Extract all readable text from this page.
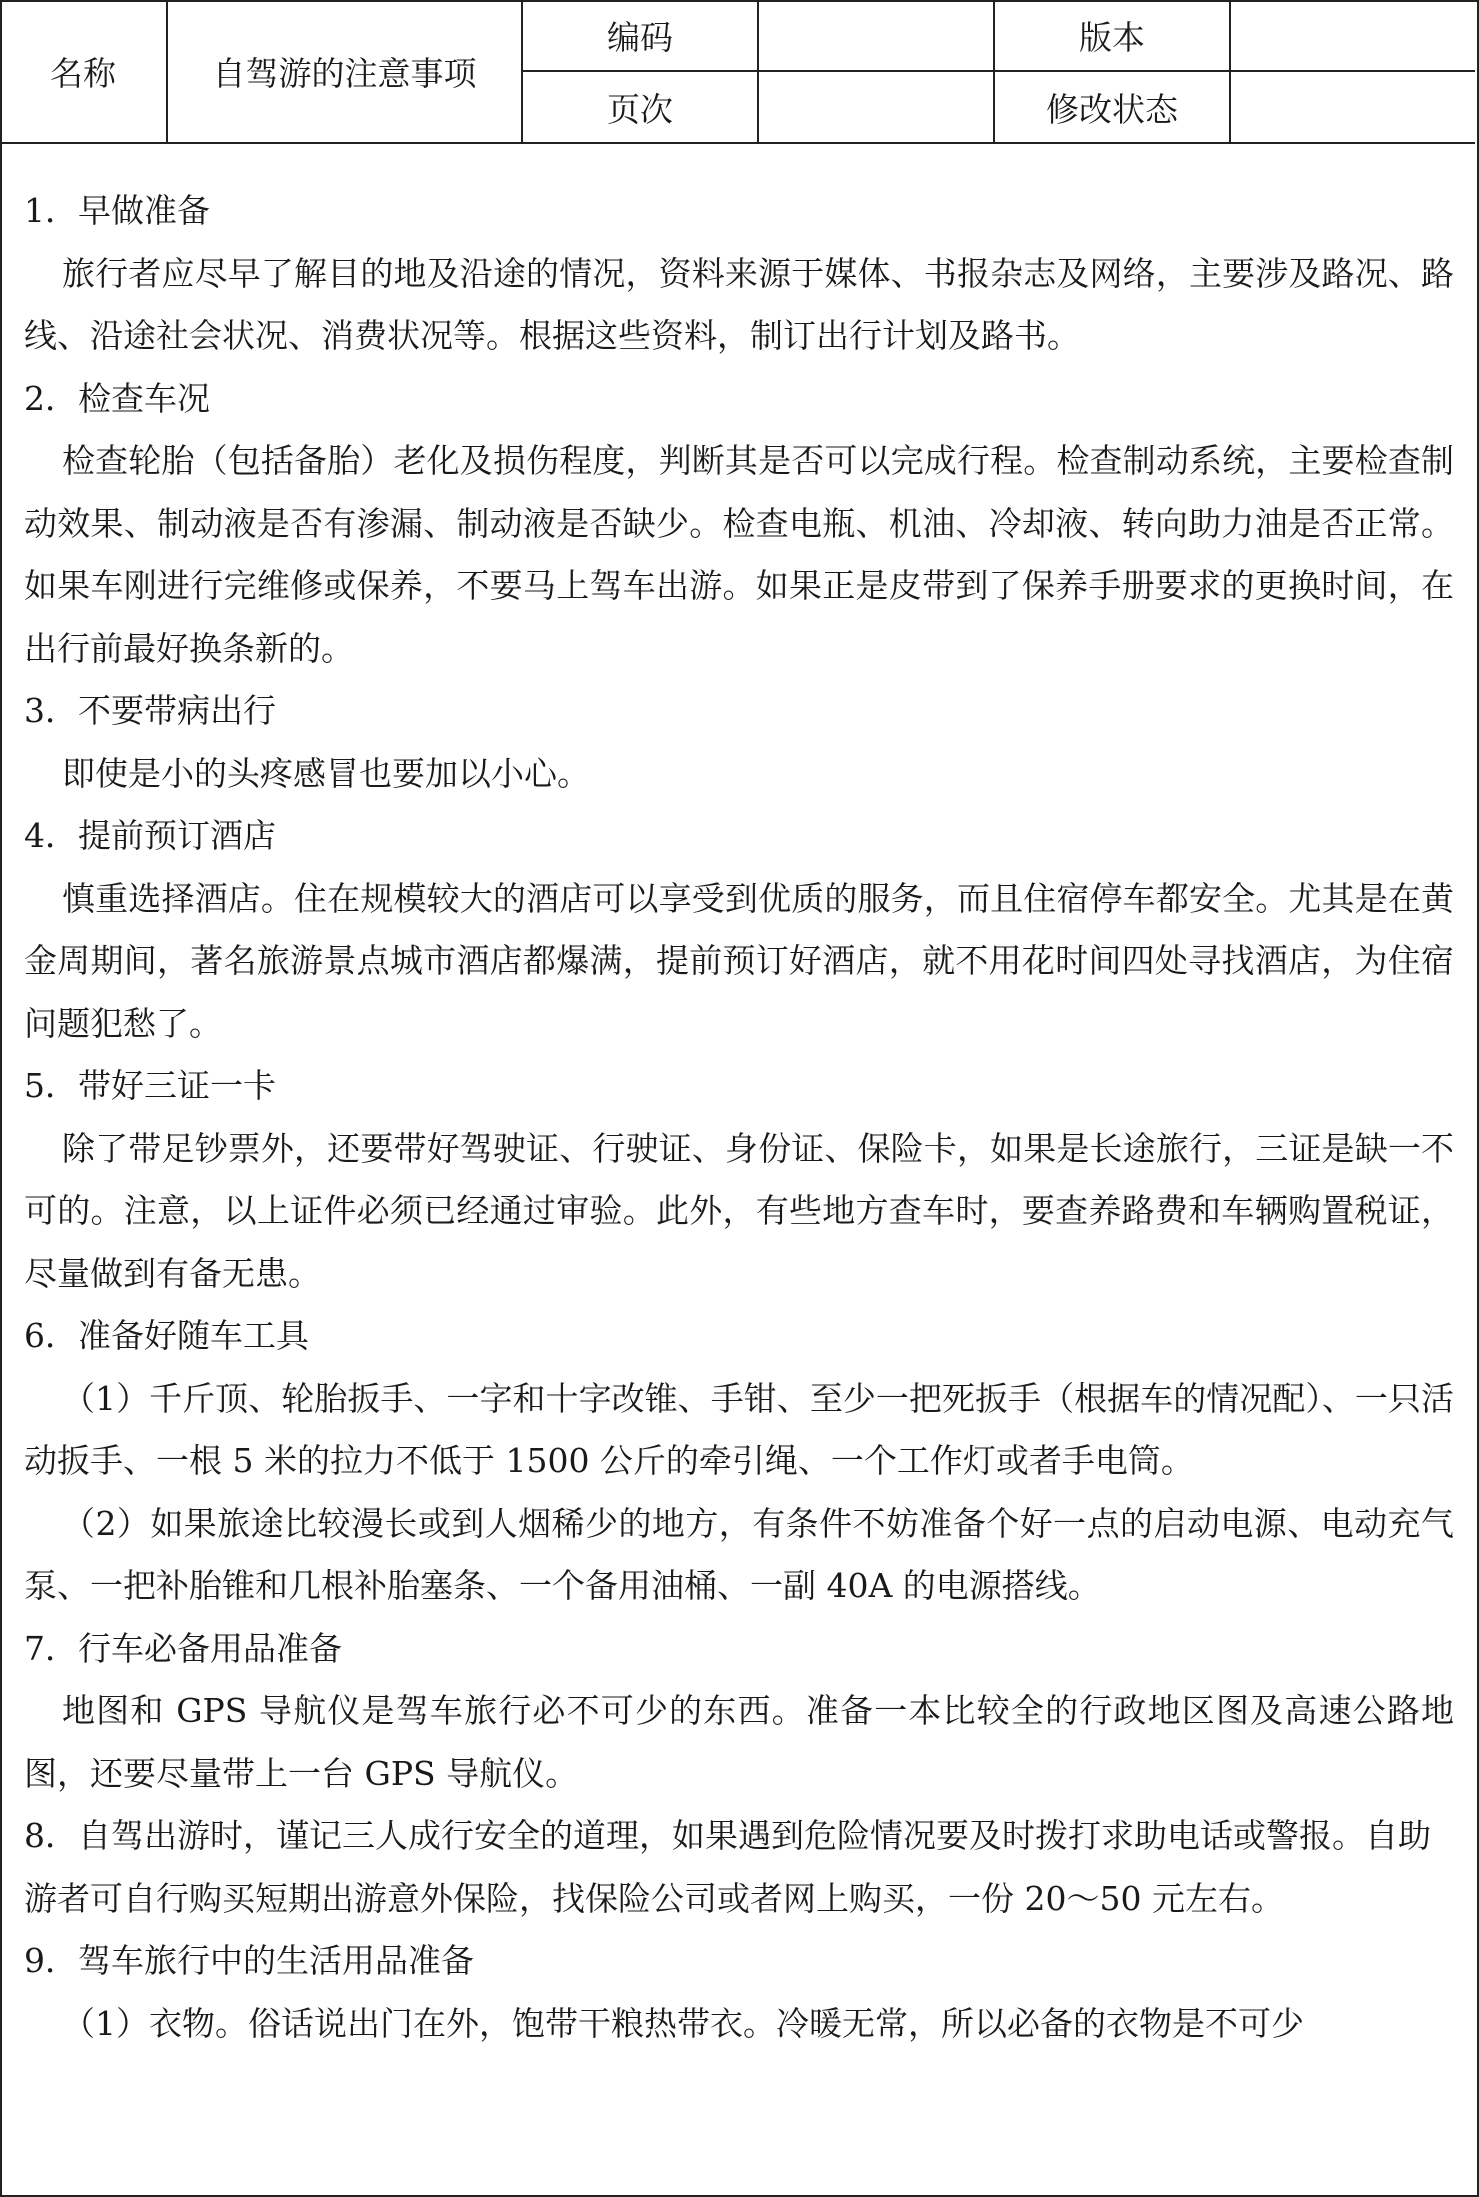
名称	自驾游的注意事项	编码		版本	
		页次		修改状态	

1．早做准备

旅行者应尽早了解目的地及沿途的情况，资料来源于媒体、书报杂志及网络，主要涉及路况、路线、沿途社会状况、消费状况等。根据这些资料，制订出行计划及路书。

2．检查车况

检查轮胎（包括备胎）老化及损伤程度，判断其是否可以完成行程。检查制动系统，主要检查制动效果、制动液是否有渗漏、制动液是否缺少。检查电瓶、机油、冷却液、转向助力油是否正常。如果车刚进行完维修或保养，不要马上驾车出游。如果正是皮带到了保养手册要求的更换时间，在出行前最好换条新的。

3．不要带病出行

即使是小的头疼感冒也要加以小心。

4．提前预订酒店

慎重选择酒店。住在规模较大的酒店可以享受到优质的服务，而且住宿停车都安全。尤其是在黄金周期间，著名旅游景点城市酒店都爆满，提前预订好酒店，就不用花时间四处寻找酒店，为住宿问题犯愁了。

5．带好三证一卡

除了带足钞票外，还要带好驾驶证、行驶证、身份证、保险卡，如果是长途旅行，三证是缺一不可的。注意，以上证件必须已经通过审验。此外，有些地方查车时，要查养路费和车辆购置税证，尽量做到有备无患。

6．准备好随车工具

（1）千斤顶、轮胎扳手、一字和十字改锥、手钳、至少一把死扳手（根据车的情况配）、一只活动扳手、一根 5 米的拉力不低于 1500 公斤的牵引绳、一个工作灯或者手电筒。

（2）如果旅途比较漫长或到人烟稀少的地方，有条件不妨准备个好一点的启动电源、电动充气泵、一把补胎锥和几根补胎塞条、一个备用油桶、一副 40A 的电源搭线。

7．行车必备用品准备

地图和 GPS 导航仪是驾车旅行必不可少的东西。准备一本比较全的行政地区图及高速公路地图，还要尽量带上一台 GPS 导航仪。

8．自驾出游时，谨记三人成行安全的道理，如果遇到危险情况要及时拨打求助电话或警报。自助游者可自行购买短期出游意外保险，找保险公司或者网上购买，一份 20～50 元左右。

9．驾车旅行中的生活用品准备

（1）衣物。俗话说出门在外，饱带干粮热带衣。冷暖无常，所以必备的衣物是不可少
